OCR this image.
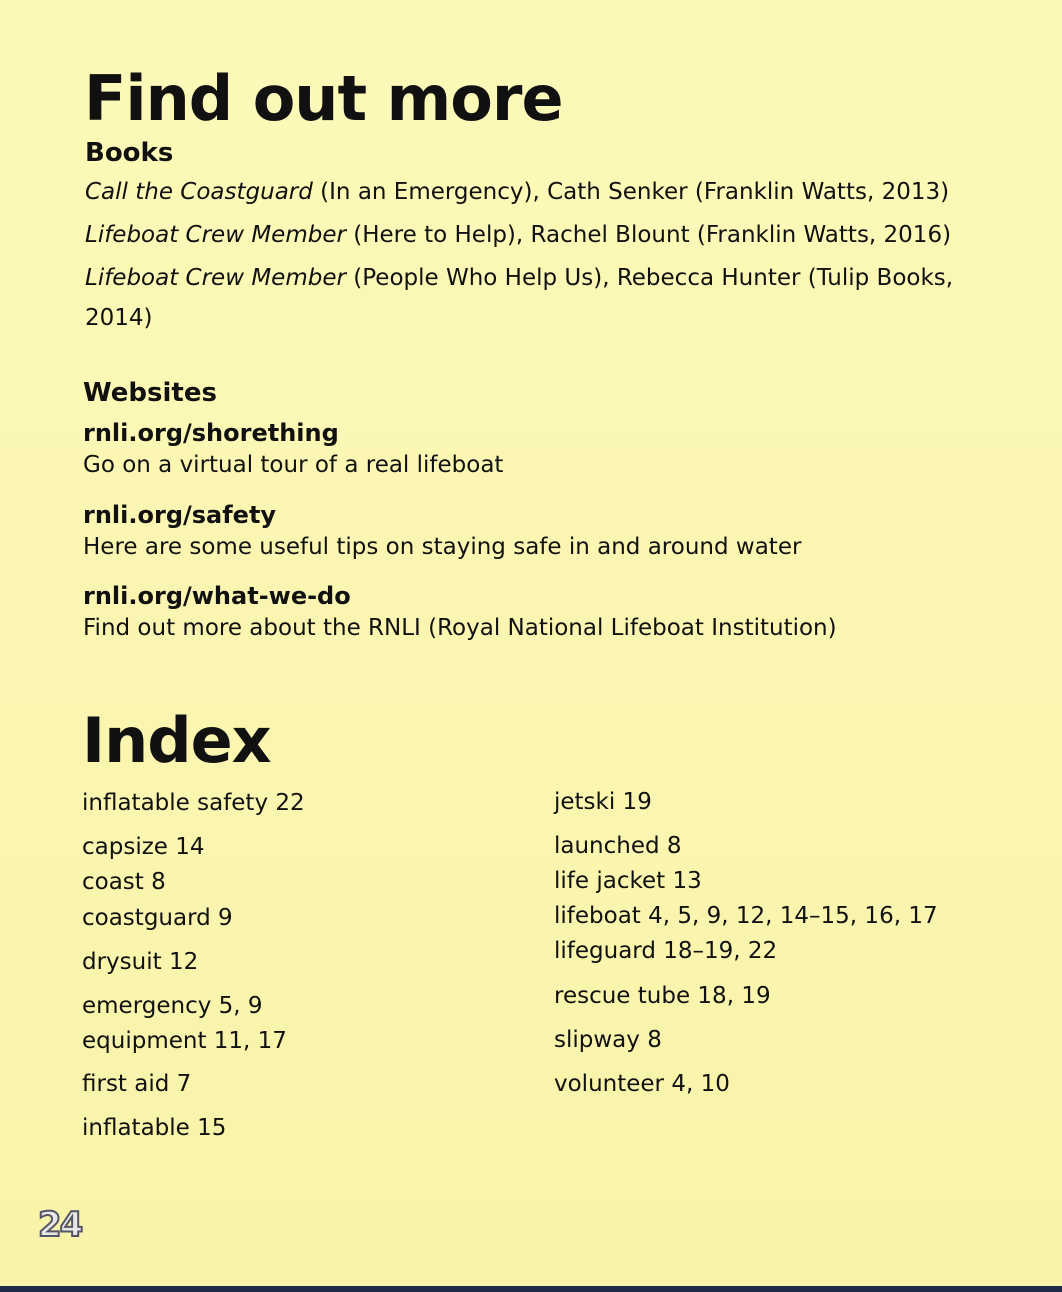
Find out more
Books
Call the Coastguard (In an Emergency), Cath Senker (Franklin Watts, 2013)
Lifeboat Crew Member (Here to Help), Rachel Blount (Franklin Watts, 2016)
Lifeboat Crew Member (People Who Help Us), Rebecca Hunter (Tulip Books, 2014)
Websites
rnli.org/shorething
Go on a virtual tour of a real lifeboat
rnli.org/safety
Here are some useful tips on staying safe in and around water
rnli.org/what-we-do
Find out more about the RNLI (Royal National Lifeboat Institution)
Index
inflatable safety 22
capsize 14
coast 8
coastguard 9
drysuit 12
emergency 5, 9
equipment 11, 17
first aid 7
inflatable 15
jetski 19
launched 8
life jacket 13
lifeboat 4, 5, 9, 12, 14–15, 16, 17
lifeguard 18–19, 22
rescue tube 18, 19
slipway 8
volunteer 4, 10
24
